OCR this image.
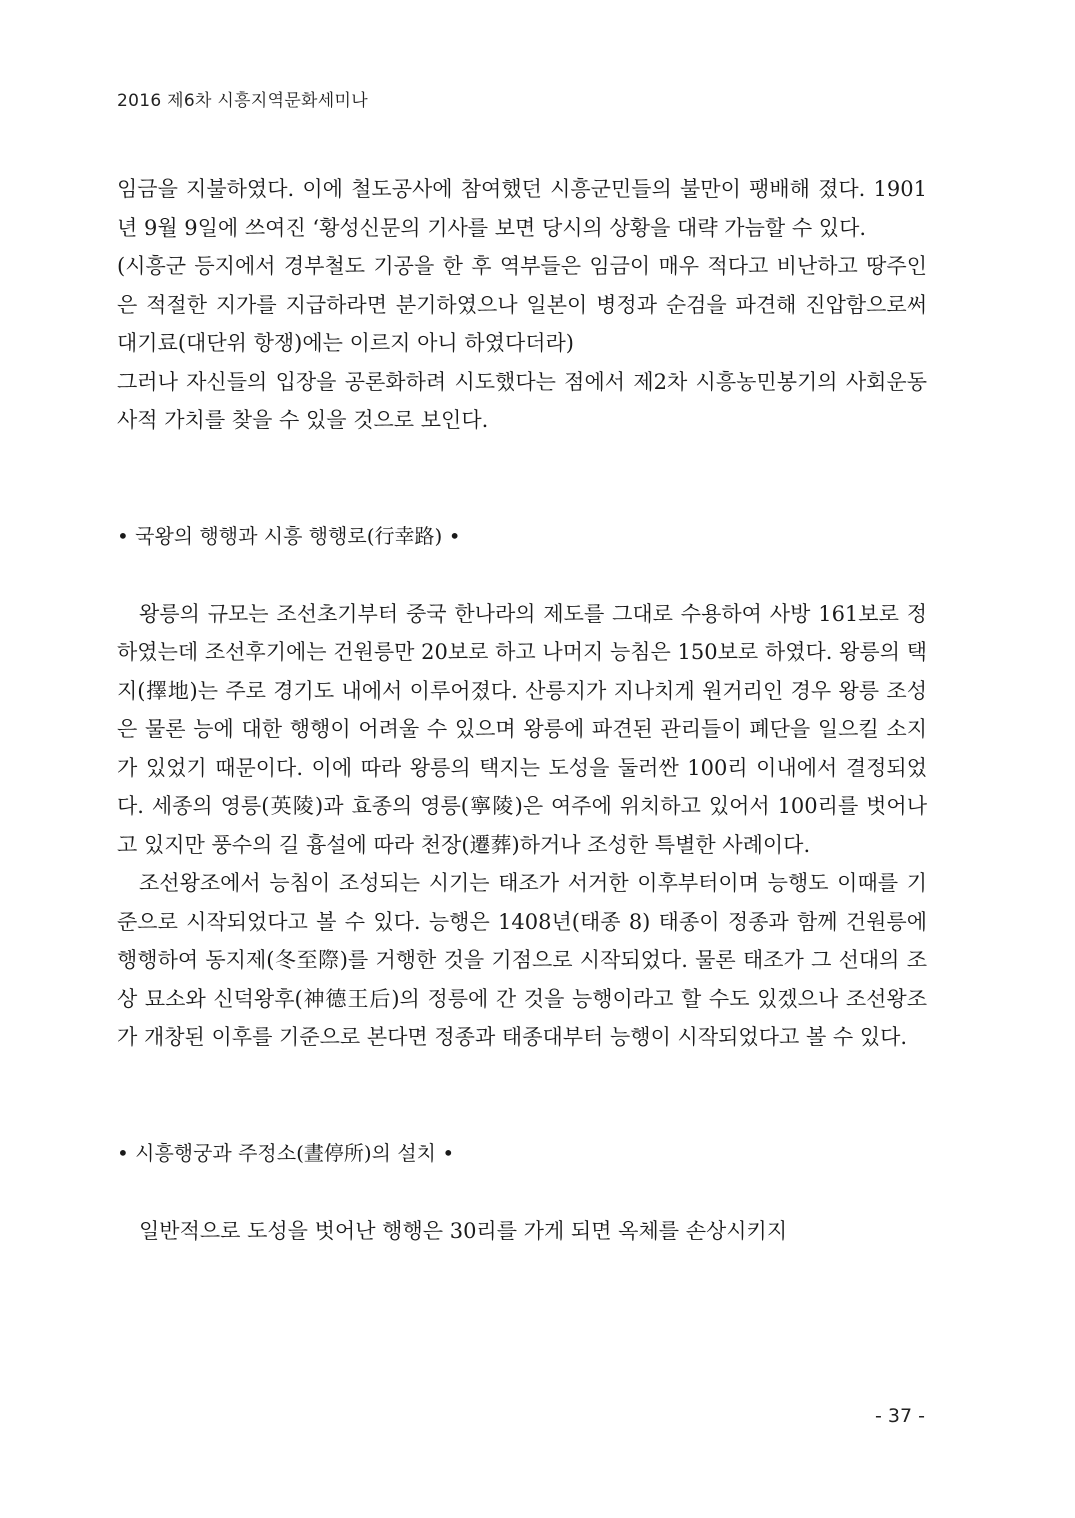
2016 제6차 시흥지역문화세미나

임금을 지불하였다. 이에 철도공사에 참여했던 시흥군민들의 불만이 팽배해 졌다. 1901년 9월 9일에 쓰여진 ‘황성신문의 기사를 보면 당시의 상황을 대략 가늠할 수 있다.

(시흥군 등지에서 경부철도 기공을 한 후 역부들은 임금이 매우 적다고 비난하고 땅주인은 적절한 지가를 지급하라면 분기하였으나 일본이 병정과 순검을 파견해 진압함으로써 대기료(대단위 항쟁)에는 이르지 아니 하였다더라)

그러나 자신들의 입장을 공론화하려 시도했다는 점에서 제2차 시흥농민봉기의 사회운동사적 가치를 찾을 수 있을 것으로 보인다.

• 국왕의 행행과 시흥 행행로(行幸路) •

왕릉의 규모는 조선초기부터 중국 한나라의 제도를 그대로 수용하여 사방 161보로 정하였는데 조선후기에는 건원릉만 20보로 하고 나머지 능침은 150보로 하였다. 왕릉의 택지(擇地)는 주로 경기도 내에서 이루어졌다. 산릉지가 지나치게 원거리인 경우 왕릉 조성은 물론 능에 대한 행행이 어려울 수 있으며 왕릉에 파견된 관리들이 폐단을 일으킬 소지가 있었기 때문이다. 이에 따라 왕릉의 택지는 도성을 둘러싼 100리 이내에서 결정되었다. 세종의 영릉(英陵)과 효종의 영릉(寧陵)은 여주에 위치하고 있어서 100리를 벗어나고 있지만 풍수의 길 흉설에 따라 천장(遷葬)하거나 조성한 특별한 사례이다.

조선왕조에서 능침이 조성되는 시기는 태조가 서거한 이후부터이며 능행도 이때를 기준으로 시작되었다고 볼 수 있다. 능행은 1408년(태종 8) 태종이 정종과 함께 건원릉에 행행하여 동지제(冬至際)를 거행한 것을 기점으로 시작되었다. 물론 태조가 그 선대의 조상 묘소와 신덕왕후(神德王后)의 정릉에 간 것을 능행이라고 할 수도 있겠으나 조선왕조가 개창된 이후를 기준으로 본다면 정종과 태종대부터 능행이 시작되었다고 볼 수 있다.

• 시흥행궁과 주정소(晝停所)의 설치 •

일반적으로 도성을 벗어난 행행은 30리를 가게 되면 옥체를 손상시키지

- 37 -
